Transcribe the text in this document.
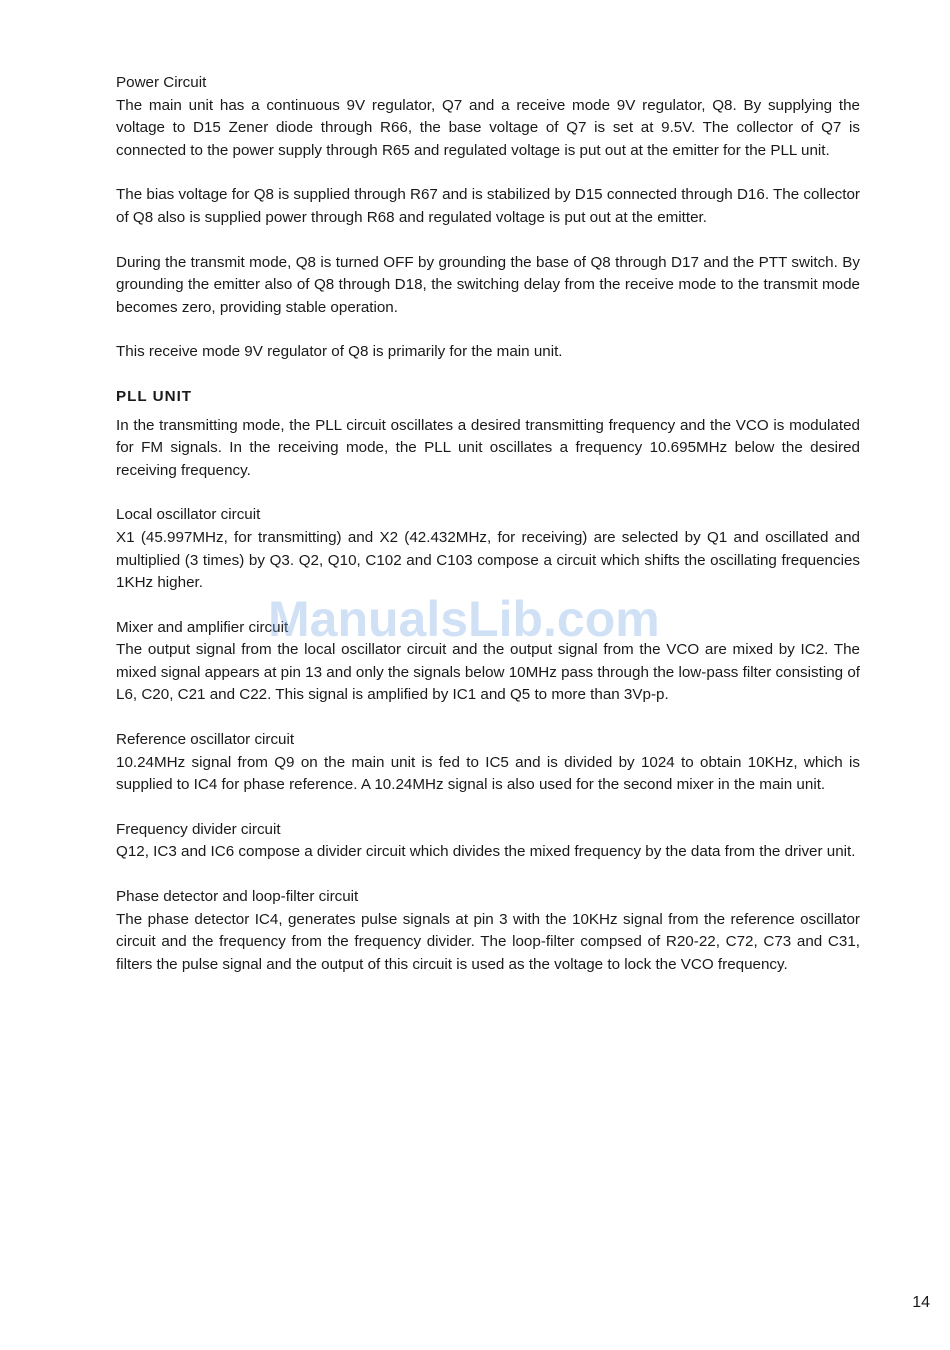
Power Circuit

The main unit has a continuous 9V regulator, Q7 and a receive mode 9V regulator, Q8. By supplying the voltage to D15 Zener diode through R66, the base voltage of Q7 is set at 9.5V. The collector of Q7 is connected to the power supply through R65 and regulated voltage is put out at the emitter for the PLL unit.

The bias voltage for Q8 is supplied through R67 and is stabilized by D15 connected through D16. The collector of Q8 also is supplied power through R68 and regulated voltage is put out at the emitter.

During the transmit mode, Q8 is turned OFF by grounding the base of Q8 through D17 and the PTT switch. By grounding the emitter also of Q8 through D18, the switching delay from the receive mode to the transmit mode becomes zero, providing stable operation.

This receive mode 9V regulator of Q8 is primarily for the main unit.

PLL UNIT

In the transmitting mode, the PLL circuit oscillates a desired transmitting frequency and the VCO is modulated for FM signals. In the receiving mode, the PLL unit oscillates a frequency 10.695MHz below the desired receiving frequency.

Local oscillator circuit

X1 (45.997MHz, for transmitting) and X2 (42.432MHz, for receiving) are selected by Q1 and oscillated and multiplied (3 times) by Q3. Q2, Q10, C102 and C103 compose a circuit which shifts the oscillating frequencies 1KHz higher.

Mixer and amplifier circuit

The output signal from the local oscillator circuit and the output signal from the VCO are mixed by IC2. The mixed signal appears at pin 13 and only the signals below 10MHz pass through the low-pass filter consisting of L6, C20, C21 and C22. This signal is amplified by IC1 and Q5 to more than 3Vp-p.

Reference oscillator circuit

10.24MHz signal from Q9 on the main unit is fed to IC5 and is divided by 1024 to obtain 10KHz, which is supplied to IC4 for phase reference. A 10.24MHz signal is also used for the second mixer in the main unit.

Frequency divider circuit

Q12, IC3 and IC6 compose a divider circuit which divides the mixed frequency by the data from the driver unit.

Phase detector and loop-filter circuit

The phase detector IC4, generates pulse signals at pin 3 with the 10KHz signal from the reference oscillator circuit and the frequency from the frequency divider. The loop-filter compsed of R20-22, C72, C73 and C31, filters the pulse signal and the output of this circuit is used as the voltage to lock the VCO frequency.

ManualsLib.com
14
